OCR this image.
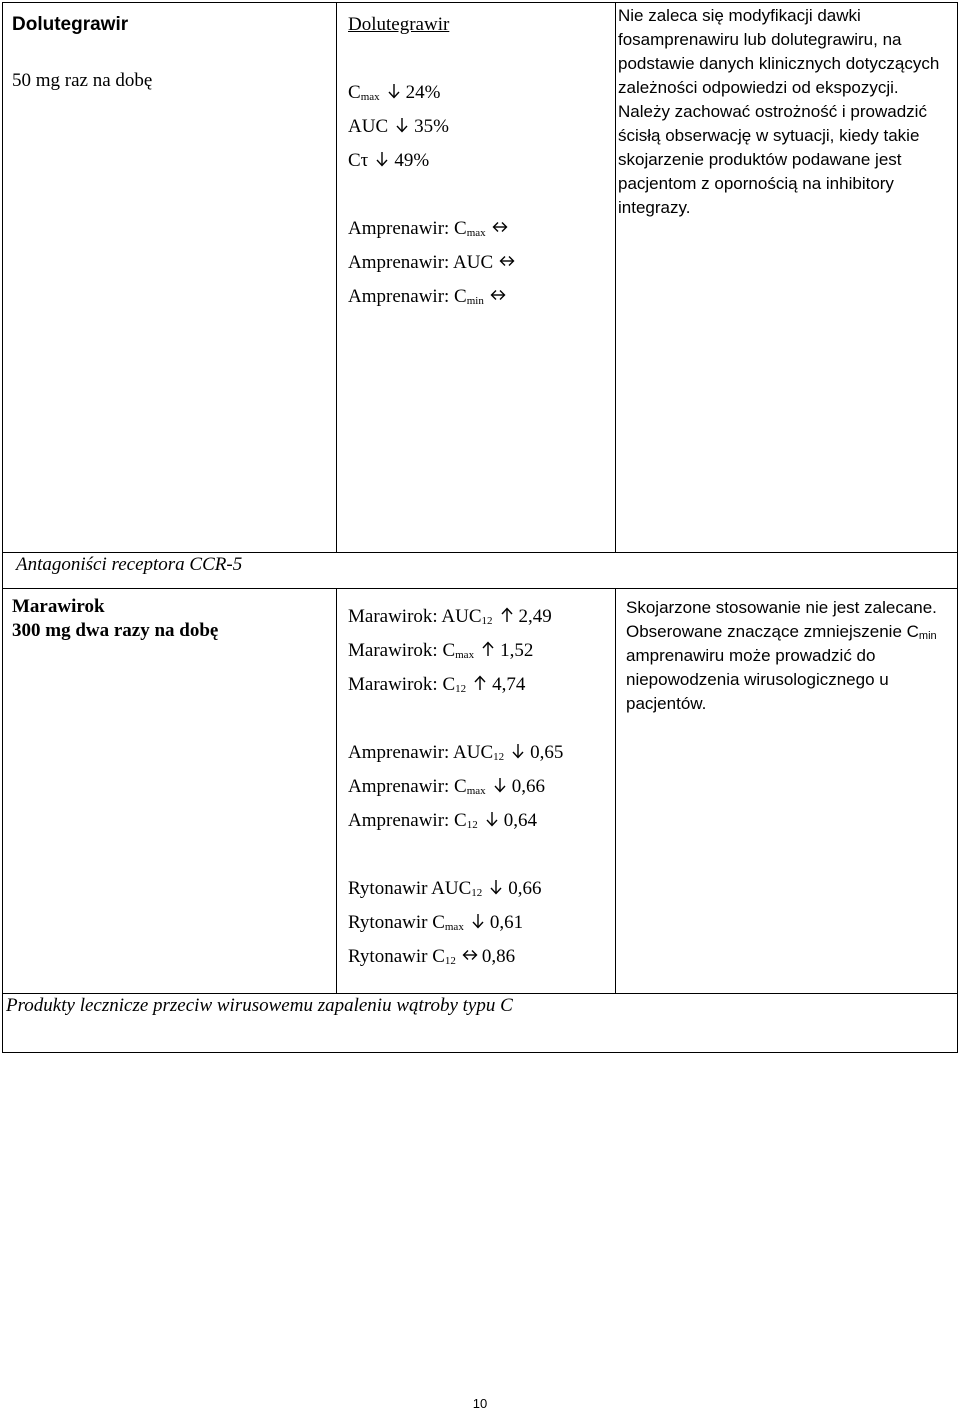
Dolutegrawir
50 mg raz na dobę
Dolutegrawir
$C_{max}$ 24%
AUC 35%
Cτ 49%
Amprenawir: $C_{max}$
Amprenawir: AUC
Amprenawir: $C_{min}$
Nie zaleca się modyfikacji dawki fosamprenawiru lub dolutegrawiru, na podstawie danych klinicznych dotyczących zależności odpowiedzi od ekspozycji. Należy zachować ostrożność i prowadzić ścisłą obserwację w sytuacji, kiedy takie skojarzenie produktów podawane jest pacjentom z opornością na inhibitory integrazy.
Antagoniści receptora CCR-5
Marawirok
300 mg dwa razy na dobę
Marawirok: $AUC_{12}$ 2,49
Marawirok: $C_{max}$ 1,52
Marawirok: $C_{12}$ 4,74
Amprenawir: $AUC_{12}$ 0,65
Amprenawir: $C_{max}$ 0,66
Amprenawir: $C_{12}$ 0,64
Rytonawir $AUC_{12}$ 0,66
Rytonawir $C_{max}$ 0,61
Rytonawir $C_{12}$ 0,86
Skojarzone stosowanie nie jest zalecane. Obserowane znaczące zmniejszenie $C_{min}$ amprenawiru może prowadzić do niepowodzenia wirusologicznego u pacjentów.
Produkty lecznicze przeciw wirusowemu zapaleniu wątroby typu C
10
